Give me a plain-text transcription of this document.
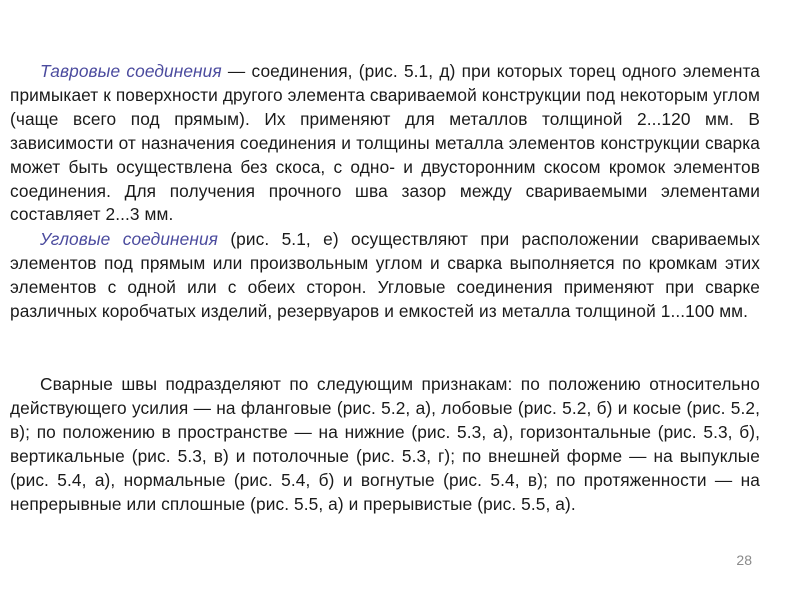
Тавровые соединения — соединения, (рис. 5.1, д) при которых торец одного элемента примыкает к поверхности другого элемента свариваемой конструкции под некоторым углом (чаще всего под прямым). Их применяют для металлов толщиной 2...120 мм. В зависимости от назначения соединения и толщины металла элементов конструкции сварка может быть осуществлена без скоса, с одно- и двусторонним скосом кромок элементов соединения. Для получения прочного шва зазор между свариваемыми элементами составляет 2...3 мм.

Угловые соединения (рис. 5.1, е) осуществляют при расположении свариваемых элементов под прямым или произвольным углом и сварка выполняется по кромкам этих элементов с одной или с обеих сторон. Угловые соединения применяют при сварке различных коробчатых изделий, резервуаров и емкостей из металла толщиной 1...100 мм.

Сварные швы подразделяют по следующим признакам: по положению относительно действующего усилия — на фланговые (рис. 5.2, а), лобовые (рис. 5.2, б) и косые (рис. 5.2, в); по положению в пространстве — на нижние (рис. 5.3, а), горизонтальные (рис. 5.3, б), вертикальные (рис. 5.3, в) и потолочные (рис. 5.3, г); по внешней форме — на выпуклые (рис. 5.4, а), нормальные (рис. 5.4, б) и вогнутые (рис. 5.4, в); по протяженности — на непрерывные или сплошные (рис. 5.5, а) и прерывистые (рис. 5.5, а).

28
